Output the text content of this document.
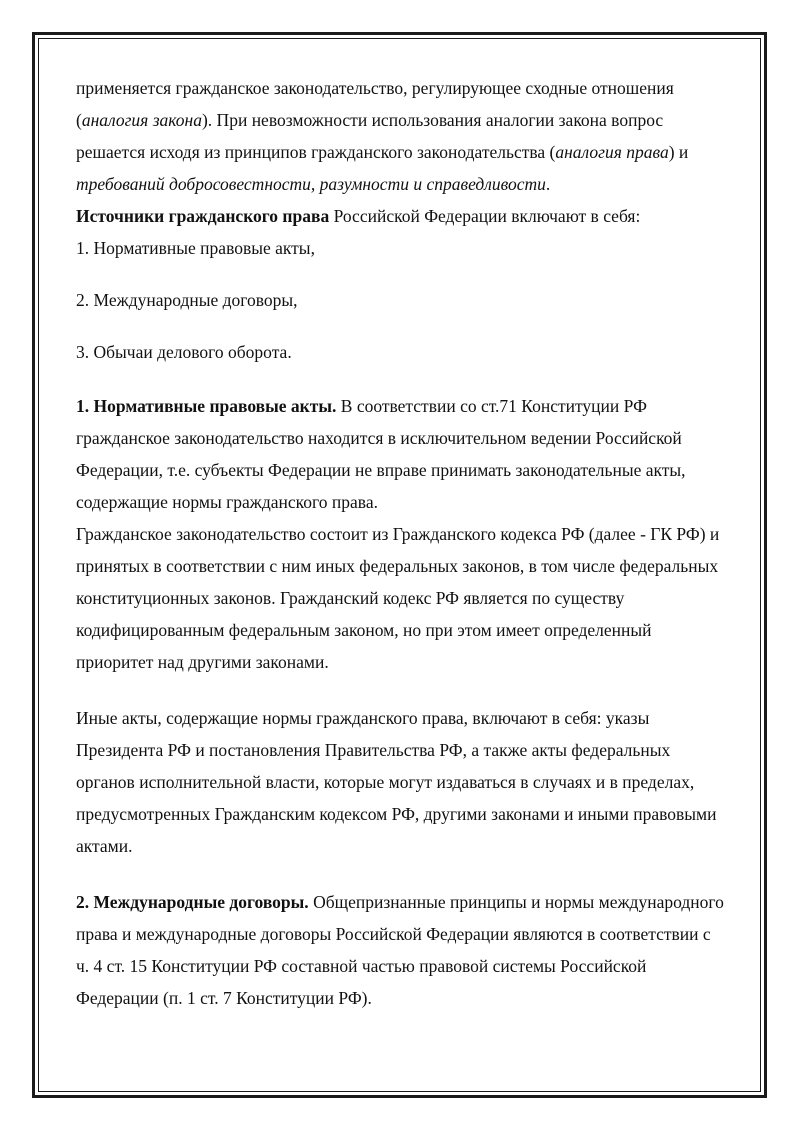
применяется гражданское законодательство, регулирующее сходные отношения (аналогия закона). При невозможности использования аналогии закона вопрос решается исходя из принципов гражданского законодательства (аналогия права) и требований добросовестности, разумности и справедливости.

Источники гражданского права Российской Федерации включают в себя:

1. Нормативные правовые акты,

2. Международные договоры,

3. Обычаи делового оборота.

1. Нормативные правовые акты. В соответствии со ст.71 Конституции РФ гражданское законодательство находится в исключительном ведении Российской Федерации, т.е. субъекты Федерации не вправе принимать законодательные акты, содержащие нормы гражданского права.

Гражданское законодательство состоит из Гражданского кодекса РФ (далее - ГК РФ) и принятых в соответствии с ним иных федеральных законов, в том числе федеральных конституционных законов. Гражданский кодекс РФ является по существу кодифицированным федеральным законом, но при этом имеет определенный приоритет над другими законами.

Иные акты, содержащие нормы гражданского права, включают в себя: указы Президента РФ и постановления Правительства РФ, а также акты федеральных органов исполнительной власти, которые могут издаваться в случаях и в пределах, предусмотренных Гражданским кодексом РФ, другими законами и иными правовыми актами.

2. Международные договоры. Общепризнанные принципы и нормы международного права и международные договоры Российской Федерации являются в соответствии с ч. 4 ст. 15 Конституции РФ составной частью правовой системы Российской Федерации (п. 1 ст. 7 Конституции РФ).
